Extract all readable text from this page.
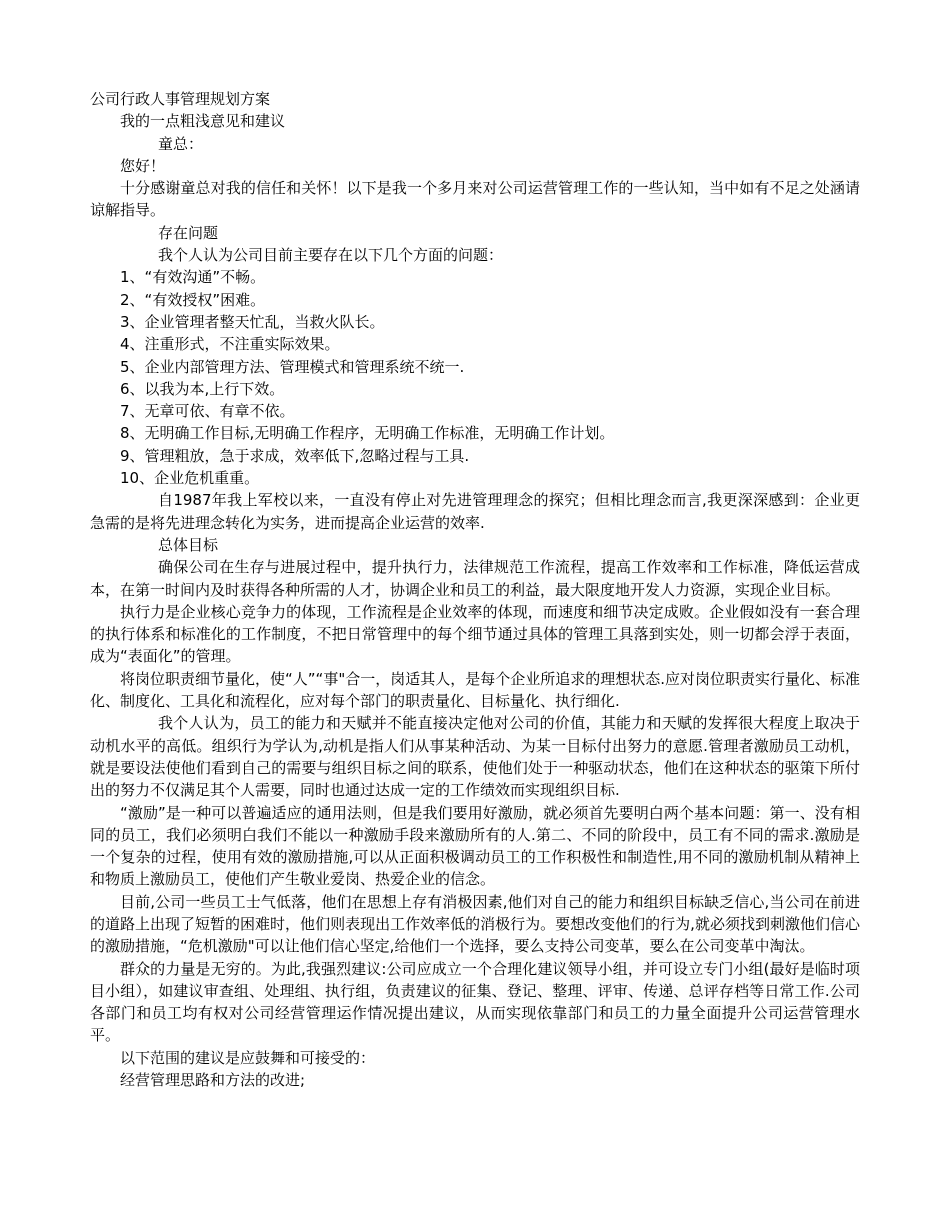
公司行政人事管理规划方案

我的一点粗浅意见和建议

童总：

您好！

十分感谢童总对我的信任和关怀！以下是我一个多月来对公司运营管理工作的一些认知，当中如有不足之处涵请谅解指导。

存在问题

我个人认为公司目前主要存在以下几个方面的问题：

1、“有效沟通”不畅。

2、“有效授权”困难。

3、企业管理者整天忙乱，当救火队长。

4、注重形式，不注重实际效果。

5、企业内部管理方法、管理模式和管理系统不统一.

6、以我为本,上行下效。

7、无章可依、有章不依。

8、无明确工作目标,无明确工作程序，无明确工作标准，无明确工作计划。

9、管理粗放，急于求成，效率低下,忽略过程与工具.

10、企业危机重重。

自1987年我上军校以来，一直没有停止对先进管理理念的探究；但相比理念而言,我更深深感到：企业更急需的是将先进理念转化为实务，进而提高企业运营的效率.

总体目标

确保公司在生存与进展过程中，提升执行力，法律规范工作流程，提高工作效率和工作标准，降低运营成本，在第一时间内及时获得各种所需的人才，协调企业和员工的利益，最大限度地开发人力资源，实现企业目标。

执行力是企业核心竞争力的体现，工作流程是企业效率的体现，而速度和细节决定成败。企业假如没有一套合理的执行体系和标准化的工作制度，不把日常管理中的每个细节通过具体的管理工具落到实处，则一切都会浮于表面，成为“表面化”的管理。

将岗位职责细节量化，使“人”“事"合一，岗适其人，是每个企业所追求的理想状态.应对岗位职责实行量化、标准化、制度化、工具化和流程化，应对每个部门的职责量化、目标量化、执行细化.

我个人认为，员工的能力和天赋并不能直接决定他对公司的价值，其能力和天赋的发挥很大程度上取决于动机水平的高低。组织行为学认为,动机是指人们从事某种活动、为某一目标付出努力的意愿.管理者激励员工动机，就是要设法使他们看到自己的需要与组织目标之间的联系，使他们处于一种驱动状态，他们在这种状态的驱策下所付出的努力不仅满足其个人需要，同时也通过达成一定的工作绩效而实现组织目标.

“激励”是一种可以普遍适应的通用法则，但是我们要用好激励，就必须首先要明白两个基本问题：第一、没有相同的员工，我们必须明白我们不能以一种激励手段来激励所有的人.第二、不同的阶段中，员工有不同的需求.激励是一个复杂的过程，使用有效的激励措施,可以从正面积极调动员工的工作积极性和制造性,用不同的激励机制从精神上和物质上激励员工，使他们产生敬业爱岗、热爱企业的信念。

目前,公司一些员工士气低落，他们在思想上存有消极因素,他们对自己的能力和组织目标缺乏信心,当公司在前进的道路上出现了短暂的困难时，他们则表现出工作效率低的消极行为。要想改变他们的行为,就必须找到刺激他们信心的激励措施，“危机激励"可以让他们信心坚定,给他们一个选择，要么支持公司变革，要么在公司变革中淘汰。

群众的力量是无穷的。为此,我强烈建议:公司应成立一个合理化建议领导小组，并可设立专门小组(最好是临时项目小组），如建议审查组、处理组、执行组，负责建议的征集、登记、整理、评审、传递、总评存档等日常工作.公司各部门和员工均有权对公司经营管理运作情况提出建议，从而实现依靠部门和员工的力量全面提升公司运营管理水平。

以下范围的建议是应鼓舞和可接受的：

经营管理思路和方法的改进;
